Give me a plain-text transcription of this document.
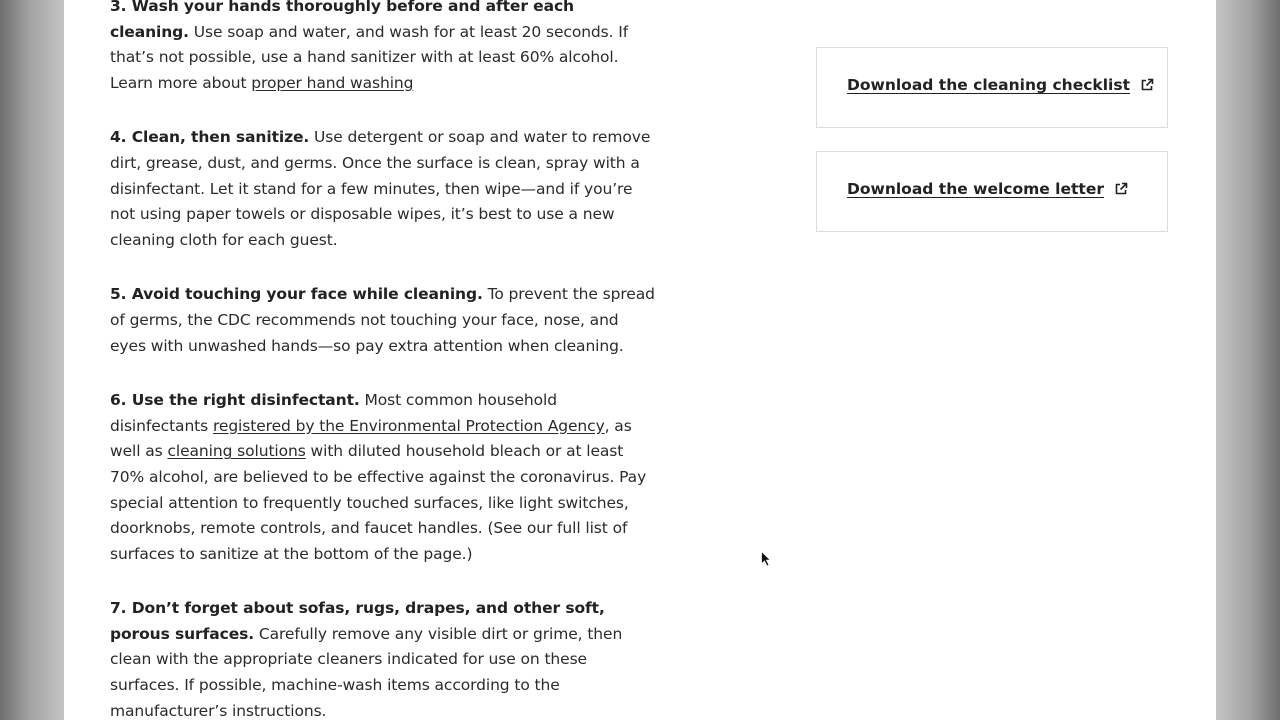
3. Wash your hands thoroughly before and after each cleaning. Use soap and water, and wash for at least 20 seconds. If that’s not possible, use a hand sanitizer with at least 60% alcohol. Learn more about proper hand washing

4. Clean, then sanitize. Use detergent or soap and water to remove dirt, grease, dust, and germs. Once the surface is clean, spray with a disinfectant. Let it stand for a few minutes, then wipe—and if you’re not using paper towels or disposable wipes, it’s best to use a new cleaning cloth for each guest.

5. Avoid touching your face while cleaning. To prevent the spread of germs, the CDC recommends not touching your face, nose, and eyes with unwashed hands—so pay extra attention when cleaning.

6. Use the right disinfectant. Most common household disinfectants registered by the Environmental Protection Agency, as well as cleaning solutions with diluted household bleach or at least 70% alcohol, are believed to be effective against the coronavirus. Pay special attention to frequently touched surfaces, like light switches, doorknobs, remote controls, and faucet handles. (See our full list of surfaces to sanitize at the bottom of the page.)

7. Don’t forget about sofas, rugs, drapes, and other soft, porous surfaces. Carefully remove any visible dirt or grime, then clean with the appropriate cleaners indicated for use on these surfaces. If possible, machine-wash items according to the manufacturer’s instructions.

Download the cleaning checklist
Download the welcome letter
